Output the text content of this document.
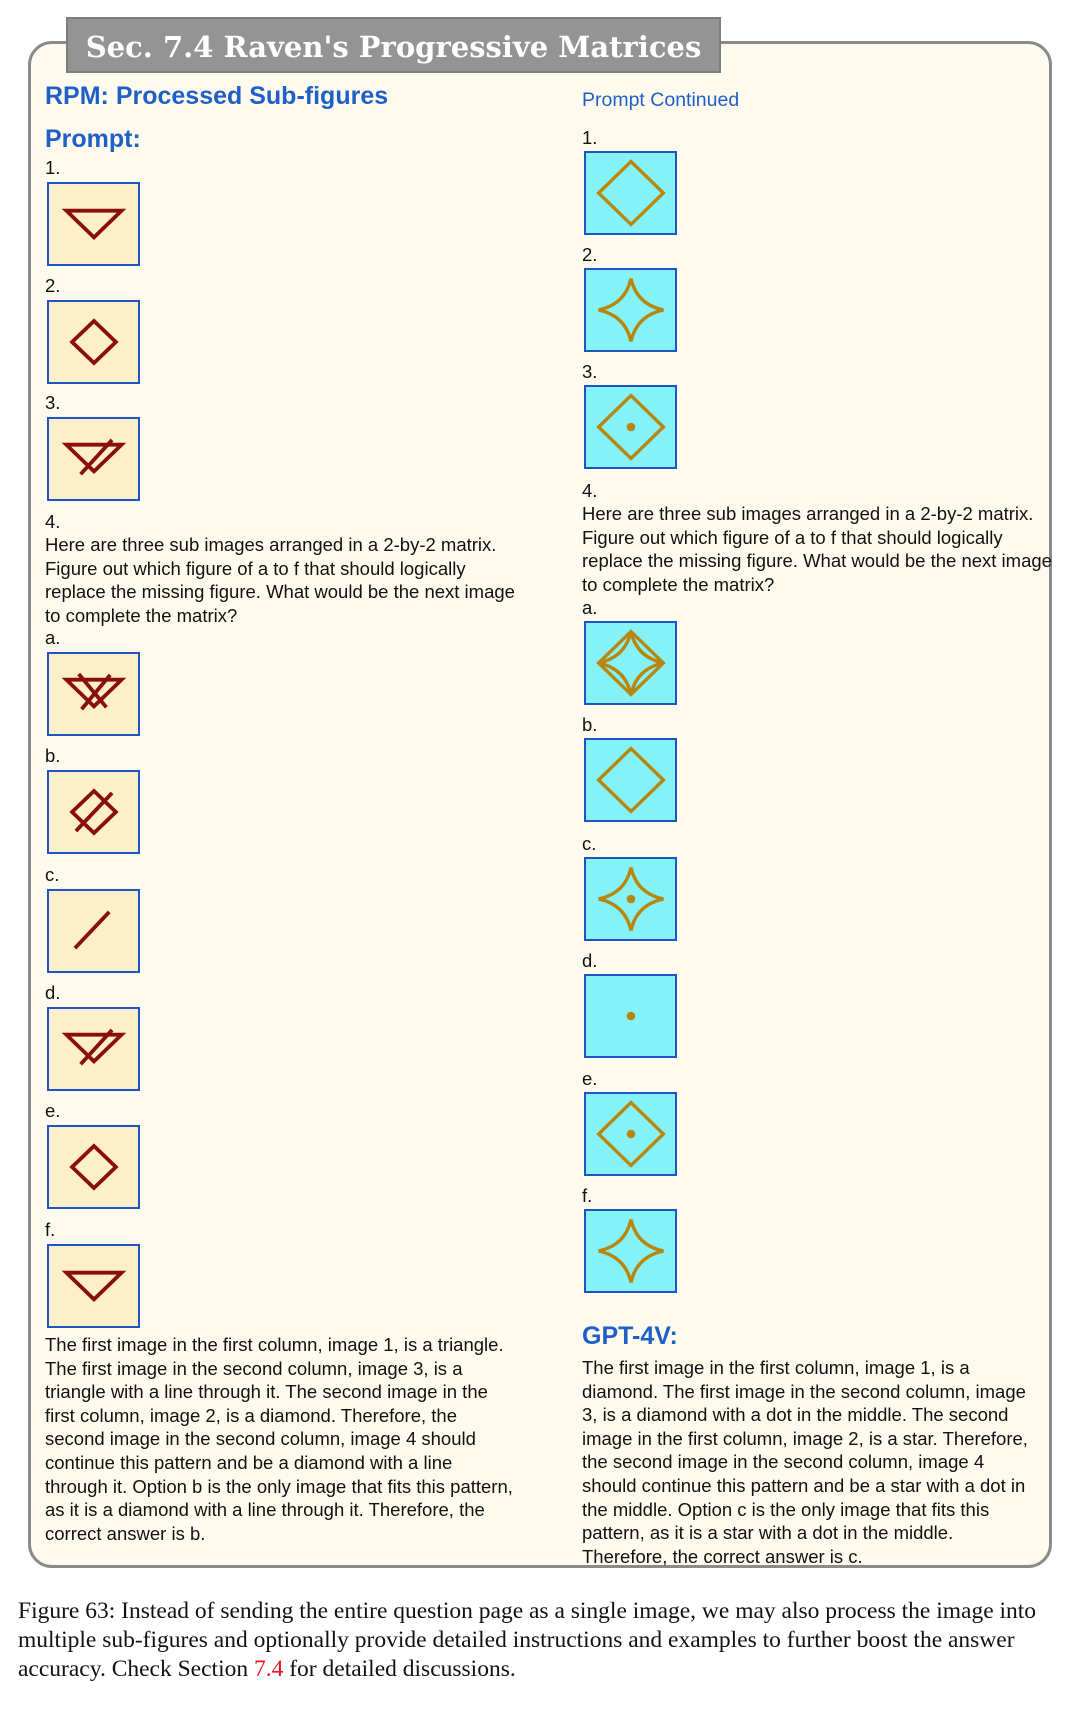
Sec. 7.4 Raven's Progressive Matrices
RPM: Processed Sub-figures
Prompt:
1.
2.
3.
4.
Here are three sub images arranged in a 2-by-2 matrix. Figure out which figure of a to f that should logically replace the missing figure. What would be the next image to complete the matrix?
a.
b.
c.
d.
e.
f.
The first image in the first column, image 1, is a triangle. The first image in the second column, image 3, is a triangle with a line through it. The second image in the first column, image 2, is a diamond. Therefore, the second image in the second column, image 4 should continue this pattern and be a diamond with a line through it. Option b is the only image that fits this pattern, as it is a diamond with a line through it. Therefore, the correct answer is b.
Prompt Continued
1.
2.
3.
4.
Here are three sub images arranged in a 2-by-2 matrix. Figure out which figure of a to f that should logically replace the missing figure. What would be the next image to complete the matrix?
a.
b.
c.
d.
e.
f.
GPT-4V:
The first image in the first column, image 1, is a diamond. The first image in the second column, image 3, is a diamond with a dot in the middle. The second image in the first column, image 2, is a star. Therefore, the second image in the second column, image 4 should continue this pattern and be a star with a dot in the middle. Option c is the only image that fits this pattern, as it is a star with a dot in the middle. Therefore, the correct answer is c.
Figure 63: Instead of sending the entire question page as a single image, we may also process the image into multiple sub-figures and optionally provide detailed instructions and examples to further boost the answer accuracy. Check Section 7.4 for detailed discussions.
